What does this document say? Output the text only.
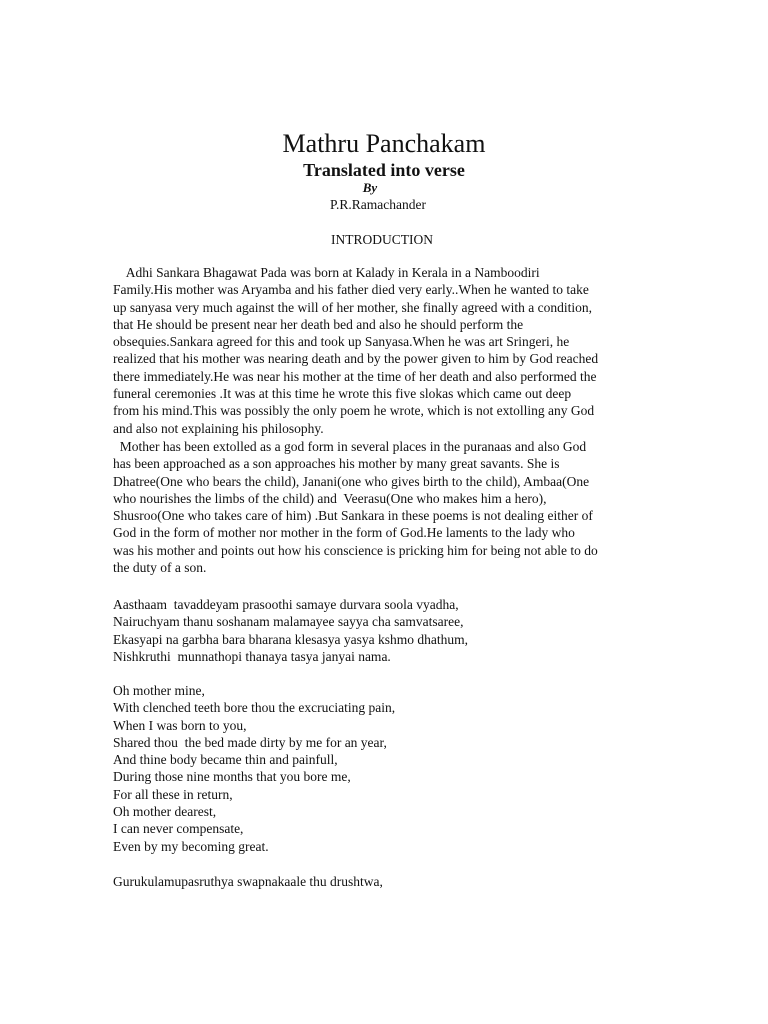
Mathru Panchakam
Translated into verse
By
P.R.Ramachander
INTRODUCTION
Adhi Sankara Bhagawat Pada was born at Kalady in Kerala in a Namboodiri
Family.His mother was Aryamba and his father died very early..When he wanted to take
up sanyasa very much against the will of her mother, she finally agreed with a condition,
that He should be present near her death bed and also he should perform the
obsequies.Sankara agreed for this and took up Sanyasa.When he was art Sringeri, he
realized that his mother was nearing death and by the power given to him by God reached
there immediately.He was near his mother at the time of her death and also performed the
funeral ceremonies .It was at this time he wrote this five slokas which came out deep
from his mind.This was possibly the only poem he wrote, which is not extolling any God
and also not explaining his philosophy.
Mother has been extolled as a god form in several places in the puranaas and also God
has been approached as a son approaches his mother by many great savants. She is
Dhatree(One who bears the child), Janani(one who gives birth to the child), Ambaa(One
who nourishes the limbs of the child) and  Veerasu(One who makes him a hero),
Shusroo(One who takes care of him) .But Sankara in these poems is not dealing either of
God in the form of mother nor mother in the form of God.He laments to the lady who
was his mother and points out how his conscience is pricking him for being not able to do
the duty of a son.
Aasthaam  tavaddeyam prasoothi samaye durvara soola vyadha,
Nairuchyam thanu soshanam malamayee sayya cha samvatsaree,
Ekasyapi na garbha bara bharana klesasya yasya kshmo dhathum,
Nishkruthi  munnathopi thanaya tasya janyai nama.
Oh mother mine,
With clenched teeth bore thou the excruciating pain,
When I was born to you,
Shared thou  the bed made dirty by me for an year,
And thine body became thin and painfull,
During those nine months that you bore me,
For all these in return,
Oh mother dearest,
I can never compensate,
Even by my becoming great.
Gurukulamupasruthya swapnakaale thu drushtwa,
